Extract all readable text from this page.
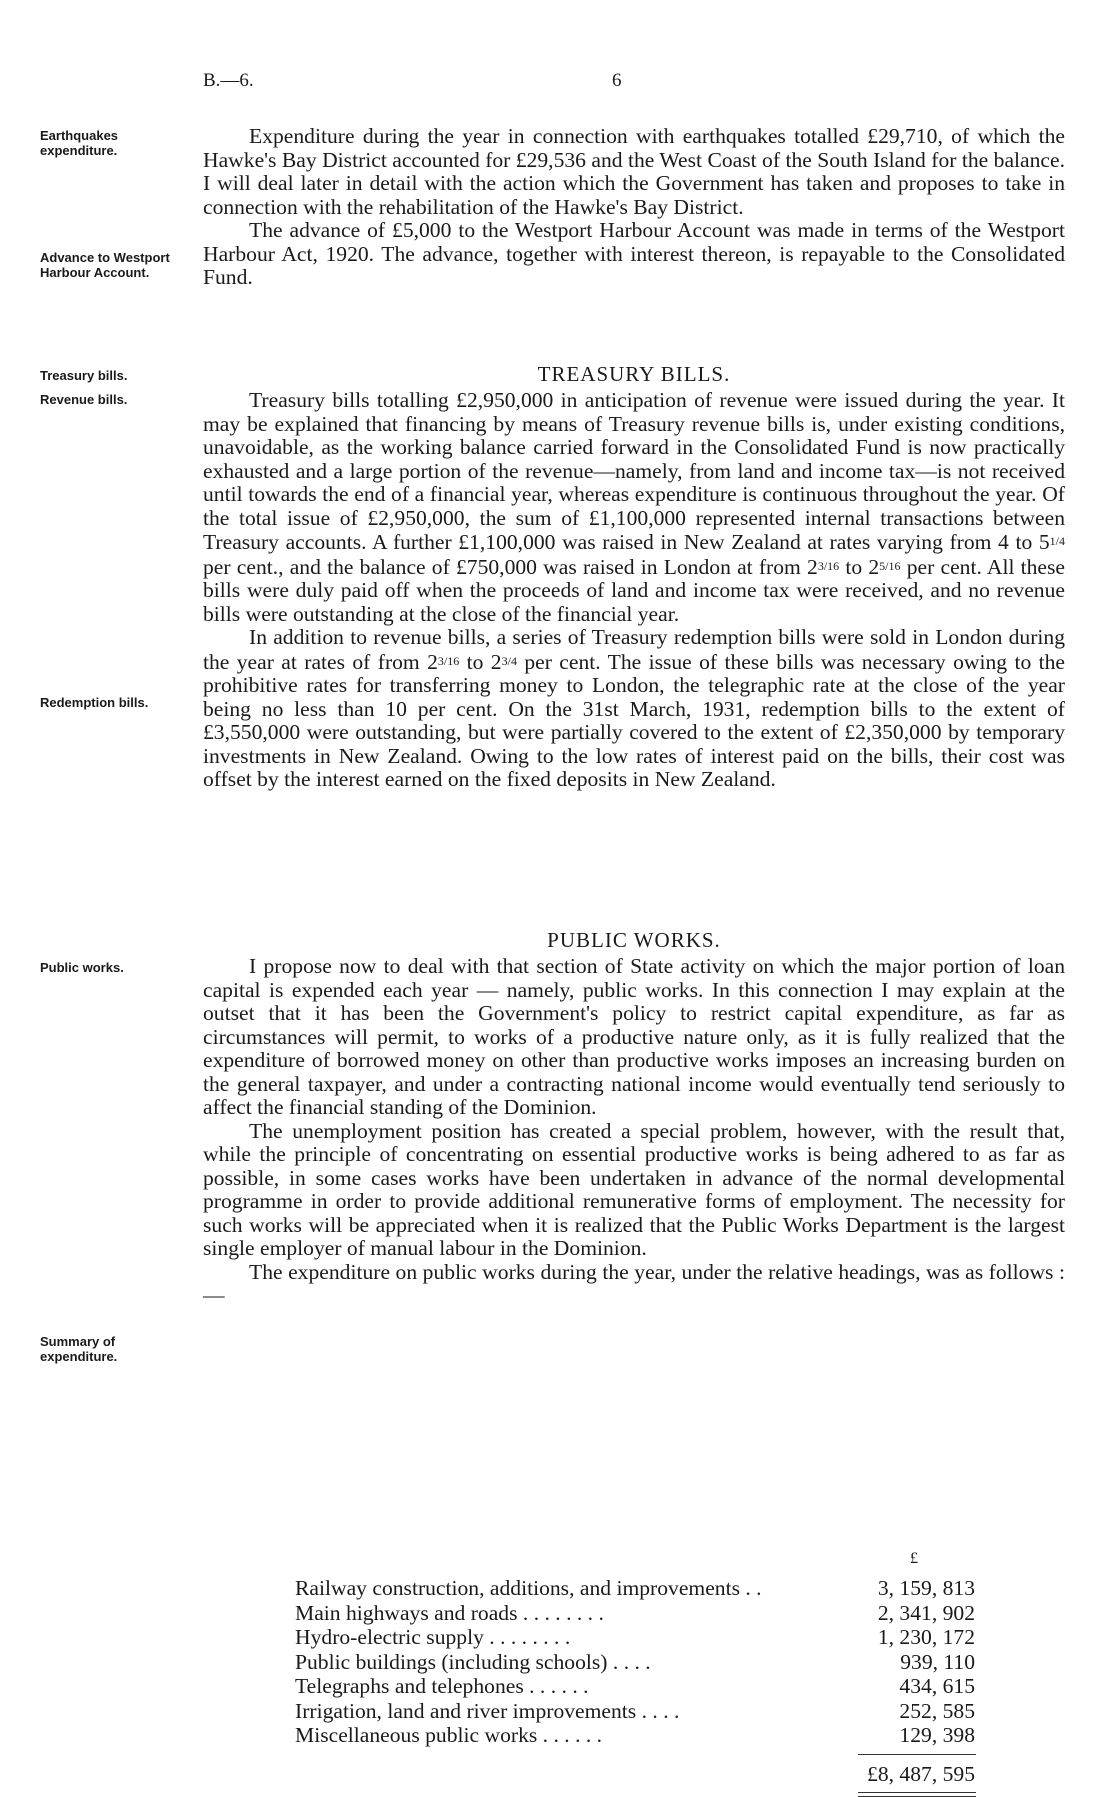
B.—6.	6
Earthquakes expenditure.
Advance to Westport Harbour Account.
Treasury bills.
Revenue bills.
Redemption bills.
Public works.
Summary of expenditure.

Expenditure during the year in connection with earthquakes totalled £29,710, of which the Hawke's Bay District accounted for £29,536 and the West Coast of the South Island for the balance. I will deal later in detail with the action which the Government has taken and proposes to take in connection with the rehabilitation of the Hawke's Bay District.

The advance of £5,000 to the Westport Harbour Account was made in terms of the Westport Harbour Act, 1920. The advance, together with interest thereon, is repayable to the Consolidated Fund.

TREASURY BILLS.

Treasury bills totalling £2,950,000 in anticipation of revenue were issued during the year. It may be explained that financing by means of Treasury revenue bills is, under existing conditions, unavoidable, as the working balance carried forward in the Consolidated Fund is now practically exhausted and a large portion of the revenue—namely, from land and income tax—is not received until towards the end of a financial year, whereas expenditure is continuous throughout the year. Of the total issue of £2,950,000, the sum of £1,100,000 represented internal transactions between Treasury accounts. A further £1,100,000 was raised in New Zealand at rates varying from 4 to 51/4 per cent., and the balance of £750,000 was raised in London at from 23/16 to 25/16 per cent. All these bills were duly paid off when the proceeds of land and income tax were received, and no revenue bills were outstanding at the close of the financial year.

In addition to revenue bills, a series of Treasury redemption bills were sold in London during the year at rates of from 23/16 to 23/4 per cent. The issue of these bills was necessary owing to the prohibitive rates for transferring money to London, the telegraphic rate at the close of the year being no less than 10 per cent. On the 31st March, 1931, redemption bills to the extent of £3,550,000 were outstanding, but were partially covered to the extent of £2,350,000 by temporary investments in New Zealand. Owing to the low rates of interest paid on the bills, their cost was offset by the interest earned on the fixed deposits in New Zealand.

PUBLIC WORKS.

I propose now to deal with that section of State activity on which the major portion of loan capital is expended each year — namely, public works. In this connection I may explain at the outset that it has been the Government's policy to restrict capital expenditure, as far as circumstances will permit, to works of a productive nature only, as it is fully realized that the expenditure of borrowed money on other than productive works imposes an increasing burden on the general taxpayer, and under a contracting national income would eventually tend seriously to affect the financial standing of the Dominion.

The unemployment position has created a special problem, however, with the result that, while the principle of concentrating on essential productive works is being adhered to as far as possible, in some cases works have been undertaken in advance of the normal developmental programme in order to provide additional remunerative forms of employment. The necessity for such works will be appreciated when it is realized that the Public Works Department is the largest single employer of manual labour in the Dominion.

The expenditure on public works during the year, under the relative headings, was as follows :—

£
Railway construction, additions, and improvements . .	3, 159, 813
Main highways and roads . . . . . . . .	2, 341, 902
Hydro-electric supply . . . . . . . .	1, 230, 172
Public buildings (including schools) . . . .	939, 110
Telegraphs and telephones . . . . . .	434, 615
Irrigation, land and river improvements . . . .	252, 585
Miscellaneous public works . . . . . .	129, 398
£8, 487, 595
